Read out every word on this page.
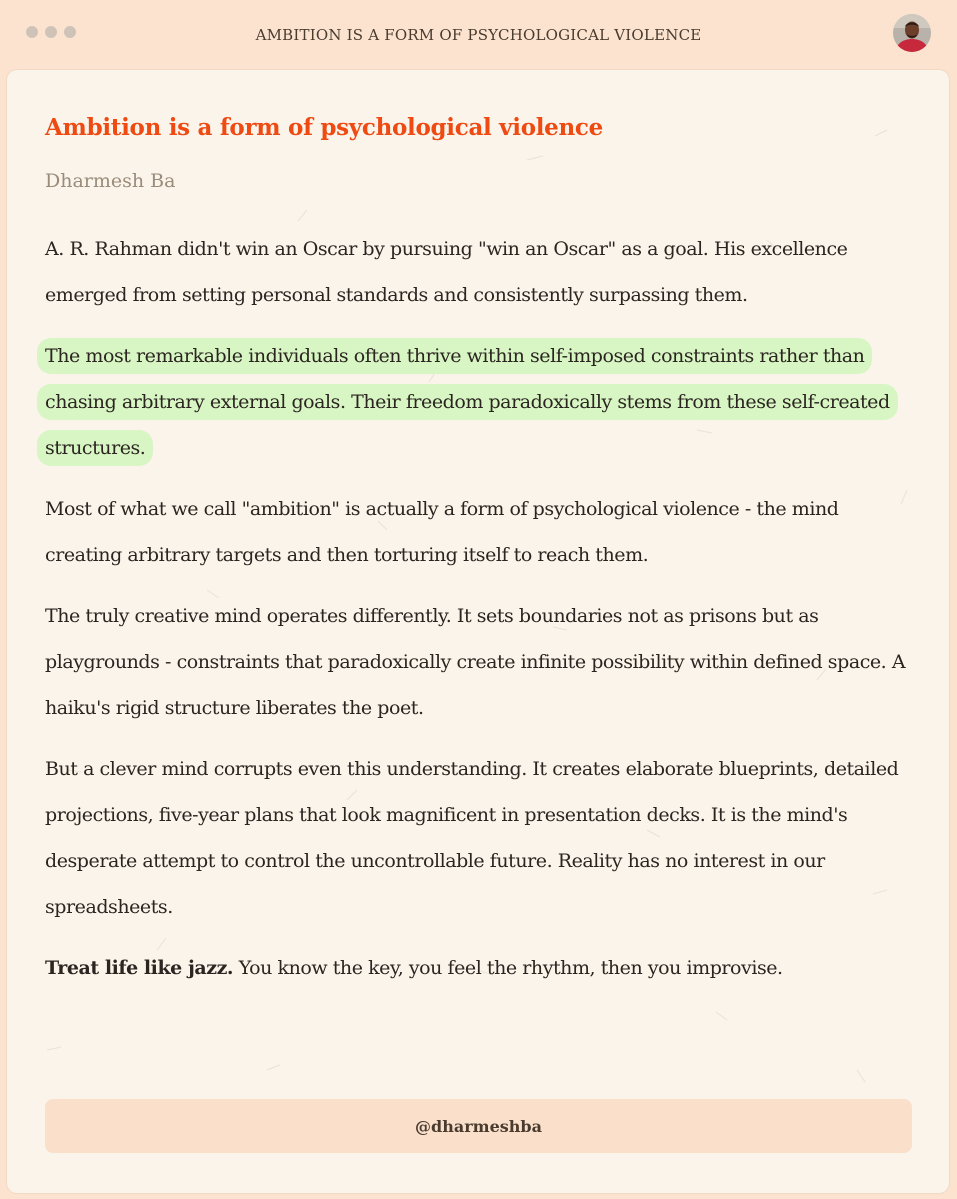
AMBITION IS A FORM OF PSYCHOLOGICAL VIOLENCE
Ambition is a form of psychological violence
Dharmesh Ba

A. R. Rahman didn't win an Oscar by pursuing "win an Oscar" as a goal. His excellence emerged from setting personal standards and consistently surpassing them.

The most remarkable individuals often thrive within self-imposed constraints rather than chasing arbitrary external goals. Their freedom paradoxically stems from these self-created structures.

Most of what we call "ambition" is actually a form of psychological violence - the mind creating arbitrary targets and then torturing itself to reach them.

The truly creative mind operates differently. It sets boundaries not as prisons but as playgrounds - constraints that paradoxically create infinite possibility within defined space. A haiku's rigid structure liberates the poet.

But a clever mind corrupts even this understanding. It creates elaborate blueprints, detailed projections, five-year plans that look magnificent in presentation decks. It is the mind's desperate attempt to control the uncontrollable future. Reality has no interest in our spreadsheets.

Treat life like jazz. You know the key, you feel the rhythm, then you improvise.

@dharmeshba
